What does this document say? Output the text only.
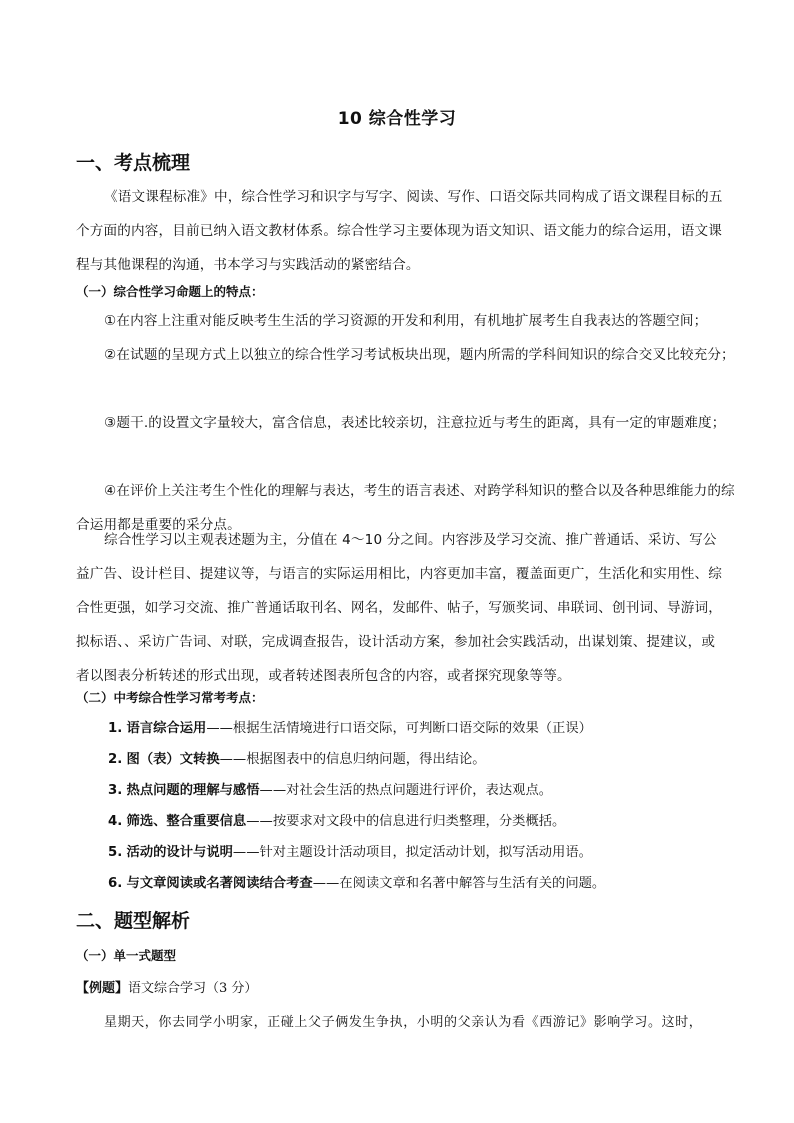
10 综合性学习
一、考点梳理

《语文课程标准》中，综合性学习和识字与写字、阅读、写作、口语交际共同构成了语文课程目标的五个方面的内容，目前已纳入语文教材体系。综合性学习主要体现为语文知识、语文能力的综合运用，语文课程与其他课程的沟通，书本学习与实践活动的紧密结合。

（一）综合性学习命题上的特点：

①在内容上注重对能反映考生生活的学习资源的开发和利用，有机地扩展考生自我表达的答题空间；

②在试题的呈现方式上以独立的综合性学习考试板块出现，题内所需的学科间知识的综合交叉比较充分；

③题干.的设置文字量较大，富含信息，表述比较亲切，注意拉近与考生的距离，具有一定的审题难度；

④在评价上关注考生个性化的理解与表达，考生的语言表述、对跨学科知识的整合以及各种思维能力的综合运用都是重要的采分点。

综合性学习以主观表述题为主，分值在 4～10 分之间。内容涉及学习交流、推广普通话、采访、写公益广告、设计栏目、提建议等，与语言的实际运用相比，内容更加丰富，覆盖面更广，生活化和实用性、综合性更强，如学习交流、推广普通话取刊名、网名，发邮件、帖子，写颁奖词、串联词、创刊词、导游词，拟标语、、采访广告词、对联，完成调查报告，设计活动方案，参加社会实践活动，出谋划策、提建议，或者以图表分析转述的形式出现，或者转述图表所包含的内容，或者探究现象等等。

（二）中考综合性学习常考考点：
1. 语言综合运用——根据生活情境进行口语交际，可判断口语交际的效果（正误）
2. 图（表）文转换——根据图表中的信息归纳问题，得出结论。
3. 热点问题的理解与感悟——对社会生活的热点问题进行评价，表达观点。
4. 筛选、整合重要信息——按要求对文段中的信息进行归类整理，分类概括。
5. 活动的设计与说明——针对主题设计活动项目，拟定活动计划，拟写活动用语。
6. 与文章阅读或名著阅读结合考查——在阅读文章和名著中解答与生活有关的问题。
二、题型解析
（一）单一式题型
【例题】语文综合学习（3 分）
星期天，你去同学小明家，正碰上父子俩发生争执，小明的父亲认为看《西游记》影响学习。这时，
